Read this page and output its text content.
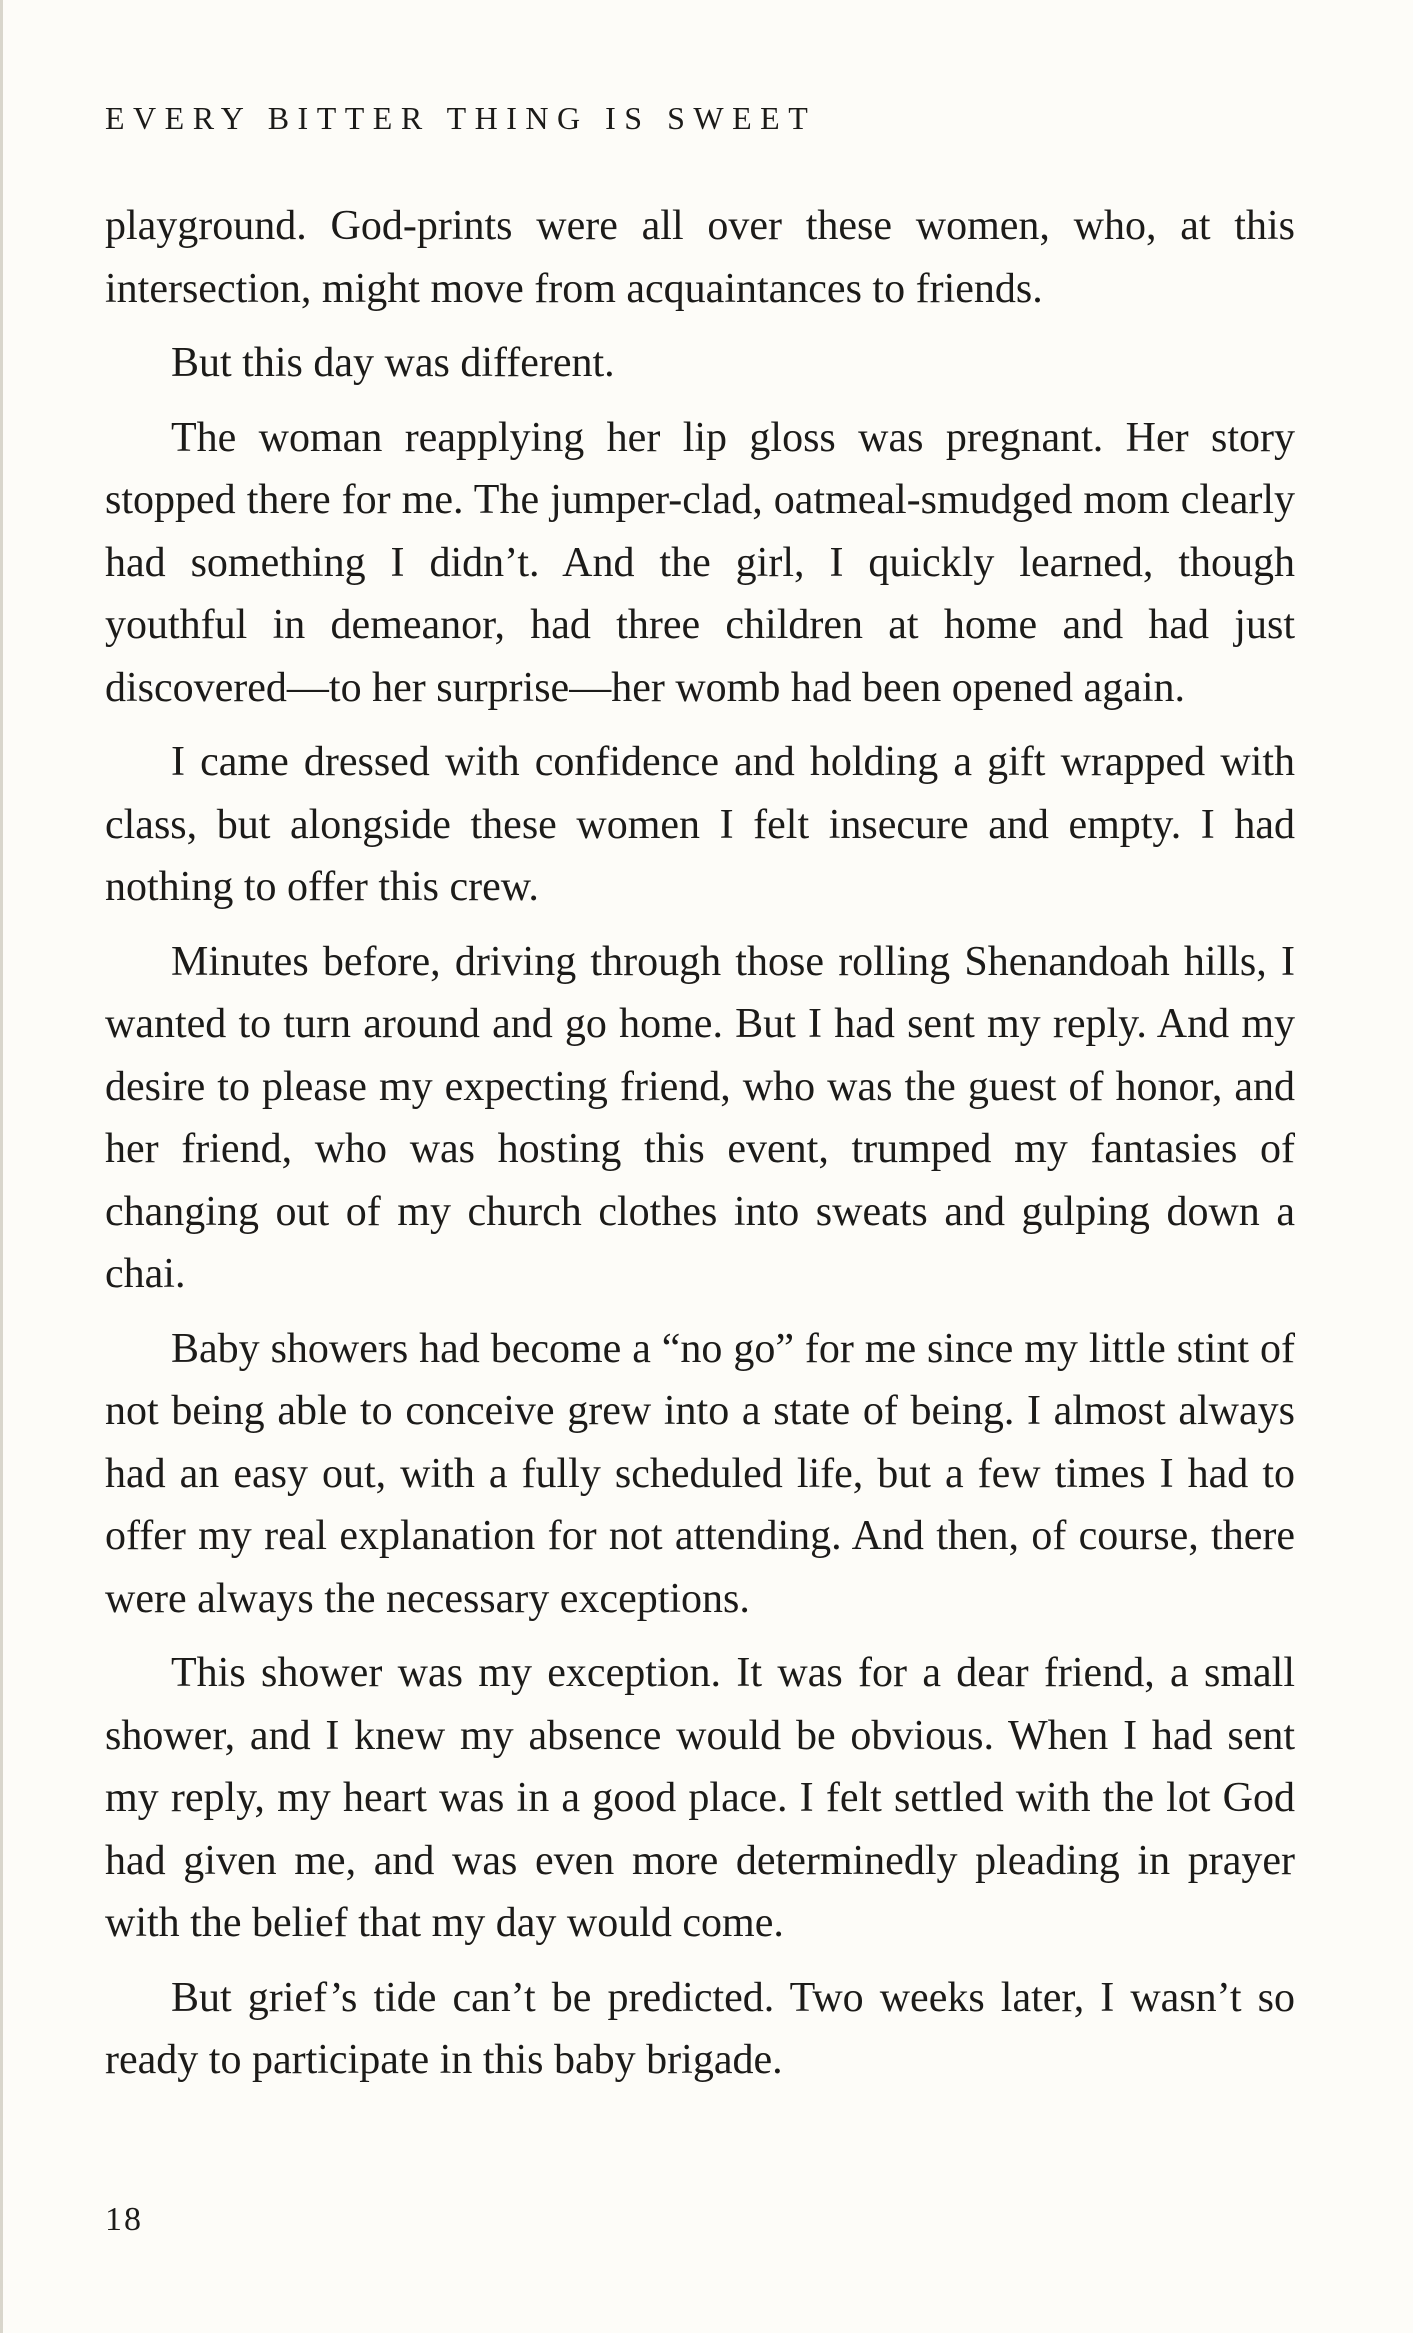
EVERY BITTER THING IS SWEET

playground. God-prints were all over these women, who, at this intersection, might move from acquaintances to friends.

But this day was different.

The woman reapplying her lip gloss was pregnant. Her story stopped there for me. The jumper-clad, oatmeal-smudged mom clearly had something I didn’t. And the girl, I quickly learned, though youthful in demeanor, had three children at home and had just discovered—to her surprise—her womb had been opened again.

I came dressed with confidence and holding a gift wrapped with class, but alongside these women I felt insecure and empty. I had nothing to offer this crew.

Minutes before, driving through those rolling Shenandoah hills, I wanted to turn around and go home. But I had sent my reply. And my desire to please my expecting friend, who was the guest of honor, and her friend, who was hosting this event, trumped my fantasies of changing out of my church clothes into sweats and gulping down a chai.

Baby showers had become a “no go” for me since my little stint of not being able to conceive grew into a state of being. I almost always had an easy out, with a fully scheduled life, but a few times I had to offer my real explanation for not attending. And then, of course, there were always the necessary exceptions.

This shower was my exception. It was for a dear friend, a small shower, and I knew my absence would be obvious. When I had sent my reply, my heart was in a good place. I felt settled with the lot God had given me, and was even more determinedly pleading in prayer with the belief that my day would come.

But grief’s tide can’t be predicted. Two weeks later, I wasn’t so ready to participate in this baby brigade.

18
